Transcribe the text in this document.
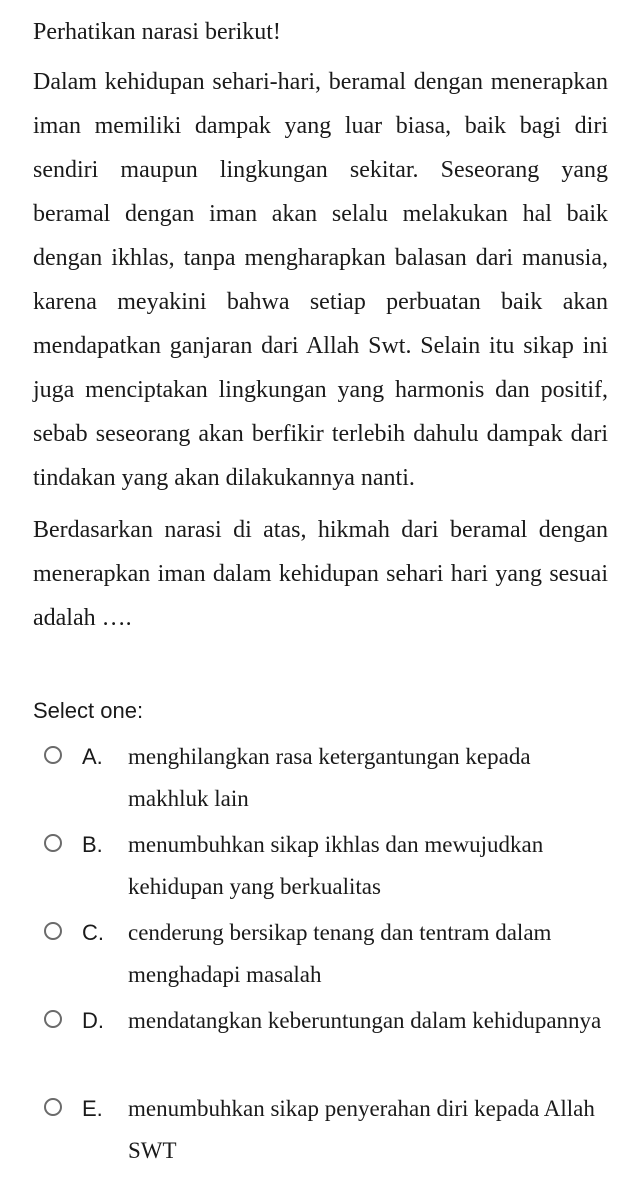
Perhatikan narasi berikut!

Dalam kehidupan sehari-hari, beramal dengan menerapkan iman memiliki dampak yang luar biasa, baik bagi diri sendiri maupun lingkungan sekitar. Seseorang yang beramal dengan iman akan selalu melakukan hal baik dengan ikhlas, tanpa mengharapkan balasan dari manusia, karena meyakini bahwa setiap perbuatan baik akan mendapatkan ganjaran dari Allah Swt. Selain itu sikap ini juga menciptakan lingkungan yang harmonis dan positif, sebab seseorang akan berfikir terlebih dahulu dampak dari tindakan yang akan dilakukannya nanti.

Berdasarkan narasi di atas, hikmah dari beramal dengan menerapkan iman dalam kehidupan sehari hari yang sesuai adalah ….

Select one:
A. menghilangkan rasa ketergantungan kepada makhluk lain
B. menumbuhkan sikap ikhlas dan mewujudkan kehidupan yang berkualitas
C. cenderung bersikap tenang dan tentram dalam menghadapi masalah
D. mendatangkan keberuntungan dalam kehidupannya
E. menumbuhkan sikap penyerahan diri kepada Allah SWT
